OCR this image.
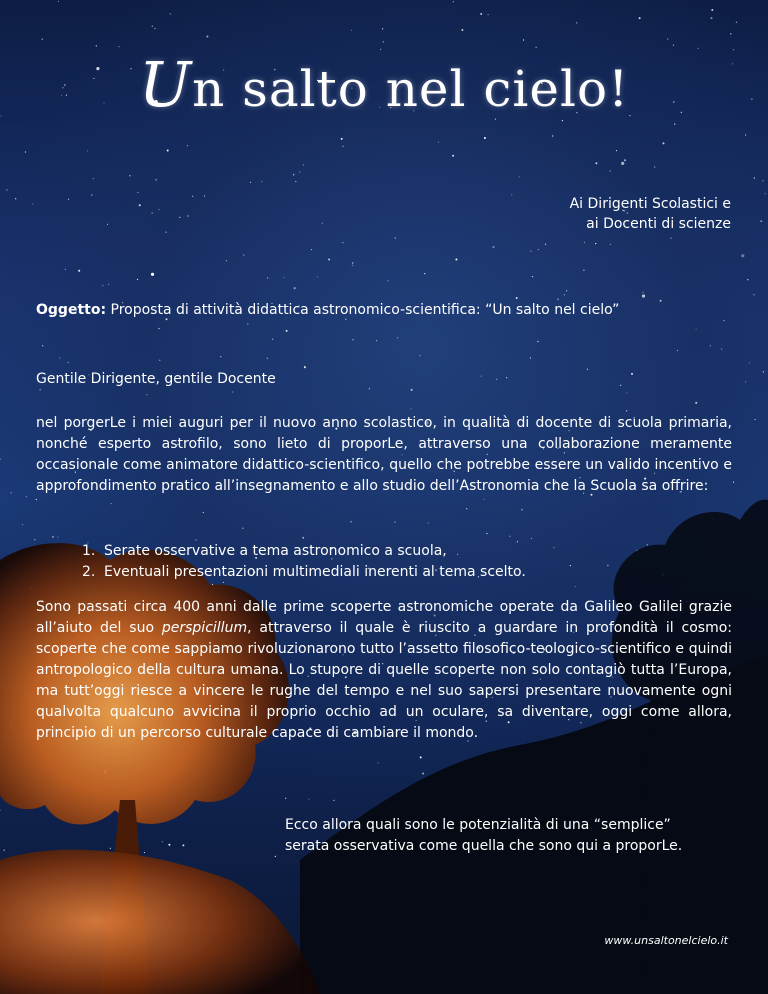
Un salto nel cielo!
Ai Dirigenti Scolastici e
ai Docenti di scienze
Oggetto: Proposta di attività didattica astronomico-scientifica: “Un salto nel cielo”
Gentile Dirigente, gentile Docente
nel porgerLe i miei auguri per il nuovo anno scolastico, in qualità di docente di scuola primaria, nonché esperto astrofilo, sono lieto di proporLe, attraverso una collaborazione meramente occasionale come animatore didattico-scientifico, quello che potrebbe essere un valido incentivo e approfondimento pratico all’insegnamento e allo studio dell’Astronomia che la Scuola sa offrire:
1. Serate osservative a tema astronomico a scuola,
2. Eventuali presentazioni multimediali inerenti al tema scelto.
Sono passati circa 400 anni dalle prime scoperte astronomiche operate da Galileo Galilei grazie all’aiuto del suo perspicillum, attraverso il quale è riuscito a guardare in profondità il cosmo: scoperte che come sappiamo rivoluzionarono tutto l’assetto filosofico-teologico-scientifico e quindi antropologico della cultura umana. Lo stupore di quelle scoperte non solo contagiò tutta l’Europa, ma tutt’oggi riesce a vincere le rughe del tempo e nel suo sapersi presentare nuovamente ogni qualvolta qualcuno avvicina il proprio occhio ad un oculare, sa diventare, oggi come allora, principio di un percorso culturale capace di cambiare il mondo.
Ecco allora quali sono le potenzialità di una “semplice”
serata osservativa come quella che sono qui a proporLe.
www.unsaltonelcielo.it
